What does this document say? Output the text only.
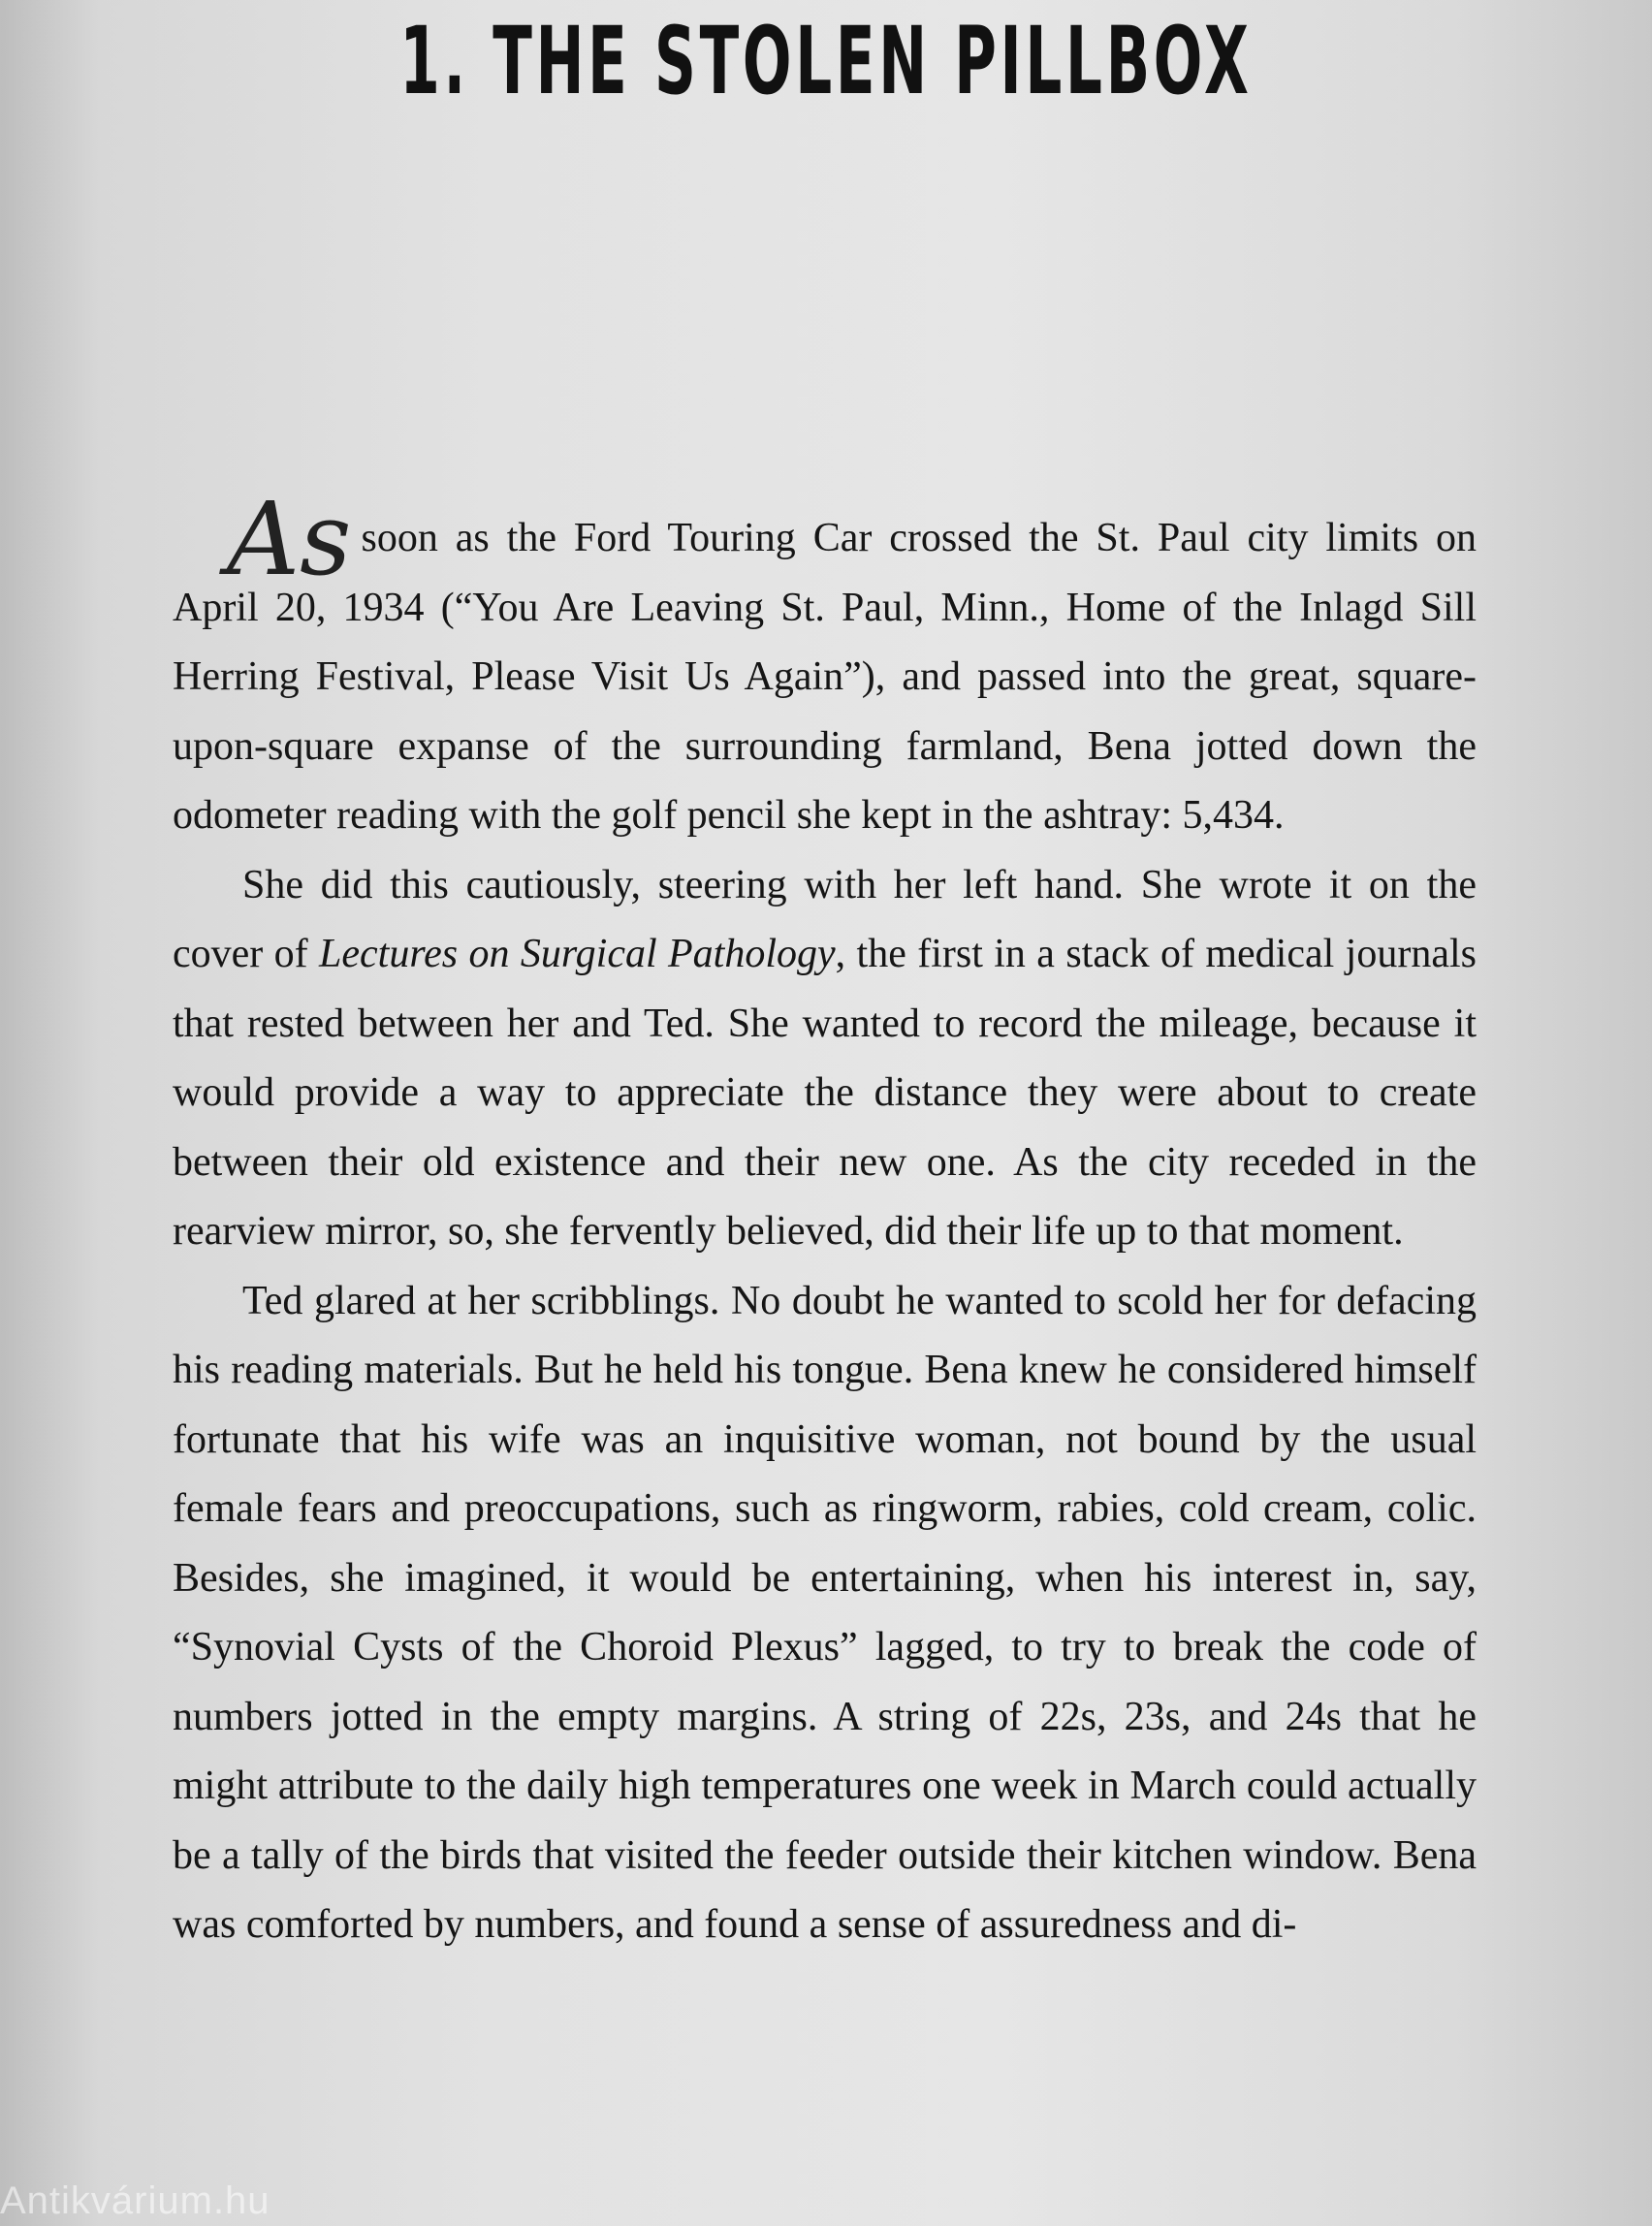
1. THE STOLEN PILLBOX

As soon as the Ford Touring Car crossed the St. Paul city limits on April 20, 1934 (“You Are Leaving St. Paul, Minn., Home of the Inlagd Sill Herring Festival, Please Visit Us Again”), and passed into the great, square-upon-square expanse of the surrounding farmland, Bena jotted down the odometer reading with the golf pencil she kept in the ashtray: 5,434.

She did this cautiously, steering with her left hand. She wrote it on the cover of Lectures on Surgical Pathology, the first in a stack of medical journals that rested between her and Ted. She wanted to record the mileage, because it would provide a way to appreciate the distance they were about to create between their old existence and their new one. As the city receded in the rearview mirror, so, she fervently believed, did their life up to that moment.

Ted glared at her scribblings. No doubt he wanted to scold her for defacing his reading materials. But he held his tongue. Bena knew he considered himself fortunate that his wife was an inquisitive woman, not bound by the usual female fears and preoccupations, such as ringworm, rabies, cold cream, colic. Besides, she imagined, it would be entertaining, when his interest in, say, “Synovial Cysts of the Choroid Plexus” lagged, to try to break the code of numbers jotted in the empty margins. A string of 22s, 23s, and 24s that he might attribute to the daily high temperatures one week in March could actually be a tally of the birds that visited the feeder outside their kitchen window. Bena was comforted by numbers, and found a sense of assuredness and di-

Antikvárium.hu
